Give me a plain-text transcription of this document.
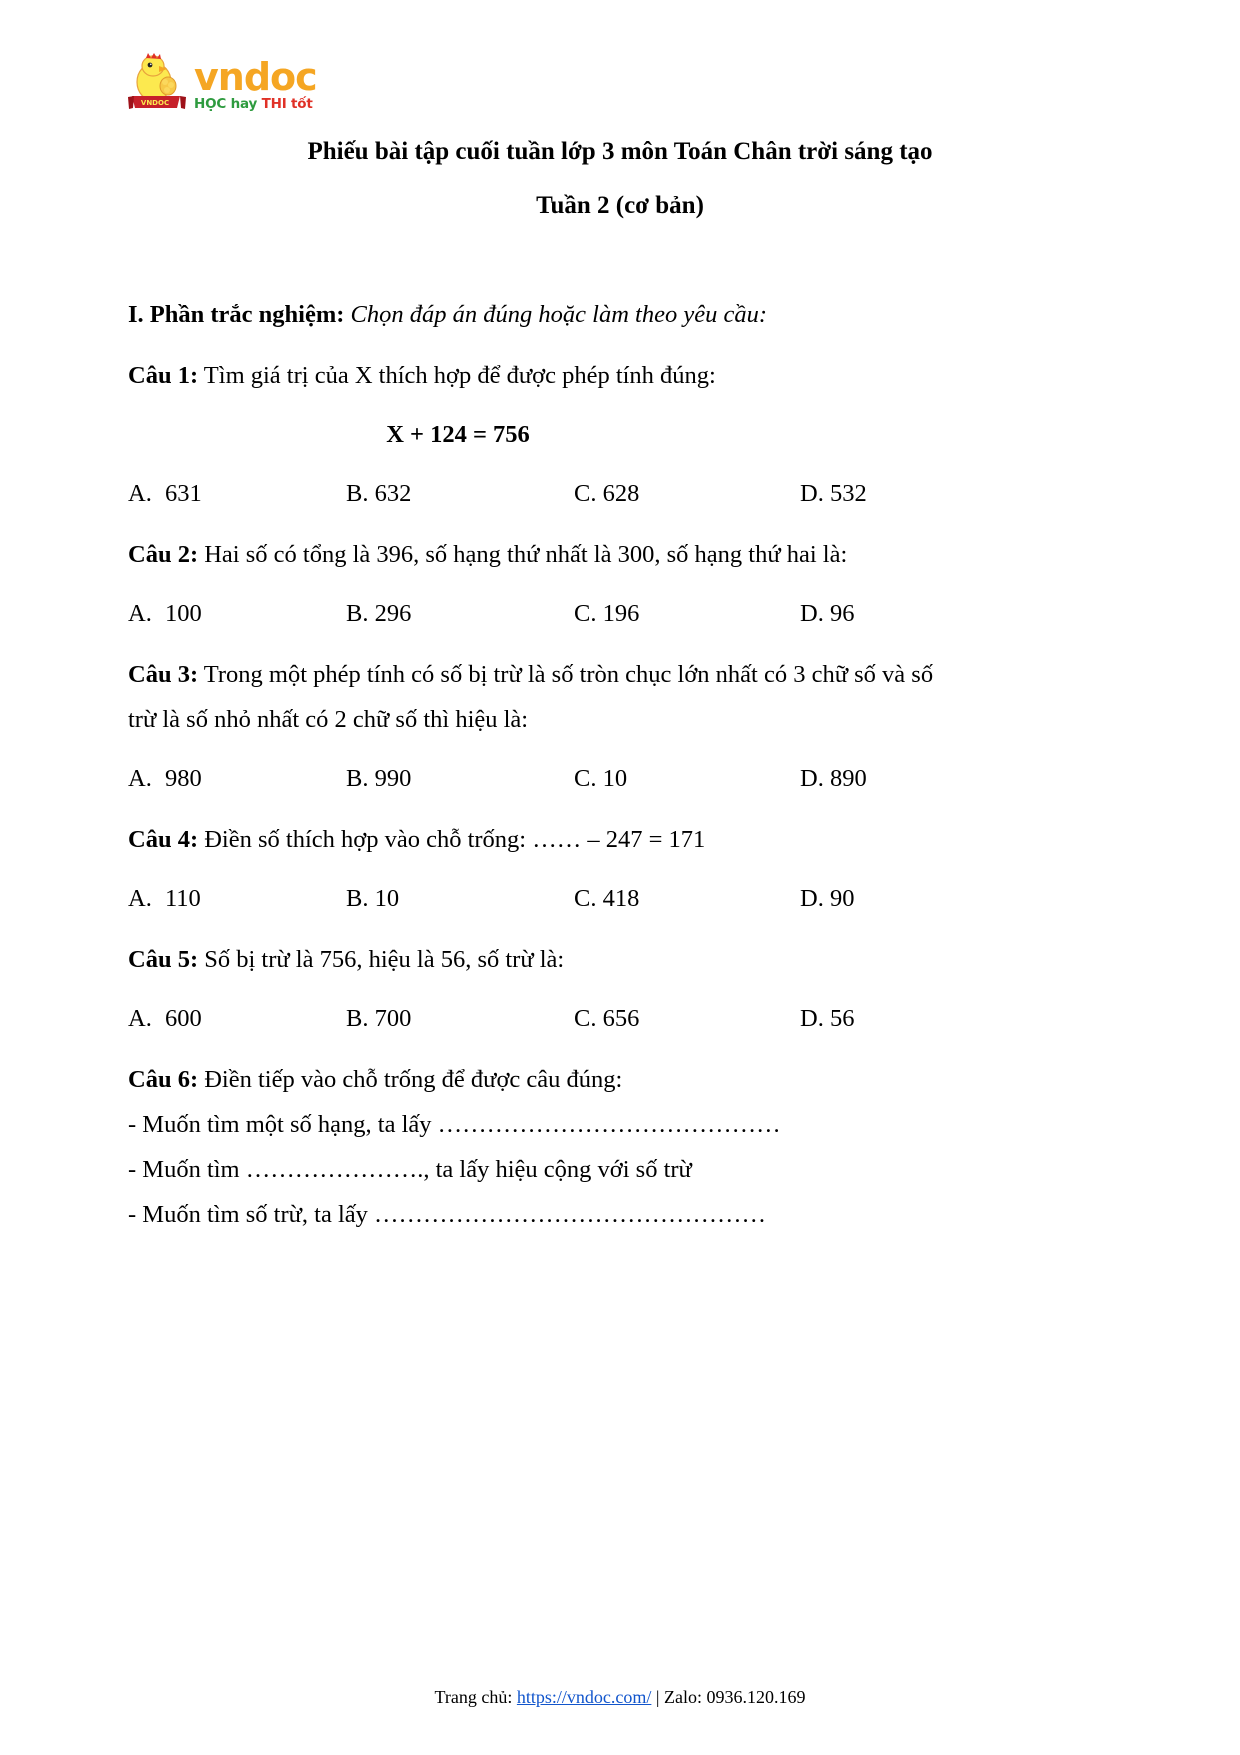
VNDOC
vndoc
HỌC hay THI tốt
Phiếu bài tập cuối tuần lớp 3 môn Toán Chân trời sáng tạo
Tuần 2 (cơ bản)

I. Phần trắc nghiệm: Chọn đáp án đúng hoặc làm theo yêu cầu:

Câu 1: Tìm giá trị của X thích hợp để được phép tính đúng:

X + 124 = 756

A. 631	B. 632	C. 628	D. 532

Câu 2: Hai số có tổng là 396, số hạng thứ nhất là 300, số hạng thứ hai là:

A. 100	B. 296	C. 196	D. 96

Câu 3: Trong một phép tính có số bị trừ là số tròn chục lớn nhất có 3 chữ số và số trừ là số nhỏ nhất có 2 chữ số thì hiệu là:

A. 980	B. 990	C. 10	D. 890

Câu 4: Điền số thích hợp vào chỗ trống: …… – 247 = 171

A. 110	B. 10	C. 418	D. 90

Câu 5: Số bị trừ là 756, hiệu là 56, số trừ là:

A. 600	B. 700	C. 656	D. 56

Câu 6: Điền tiếp vào chỗ trống để được câu đúng:

- Muốn tìm một số hạng, ta lấy ……………………………………

- Muốn tìm …………………., ta lấy hiệu cộng với số trừ

- Muốn tìm số trừ, ta lấy …………………………………………

Trang chủ: https://vndoc.com/ | Zalo: 0936.120.169
